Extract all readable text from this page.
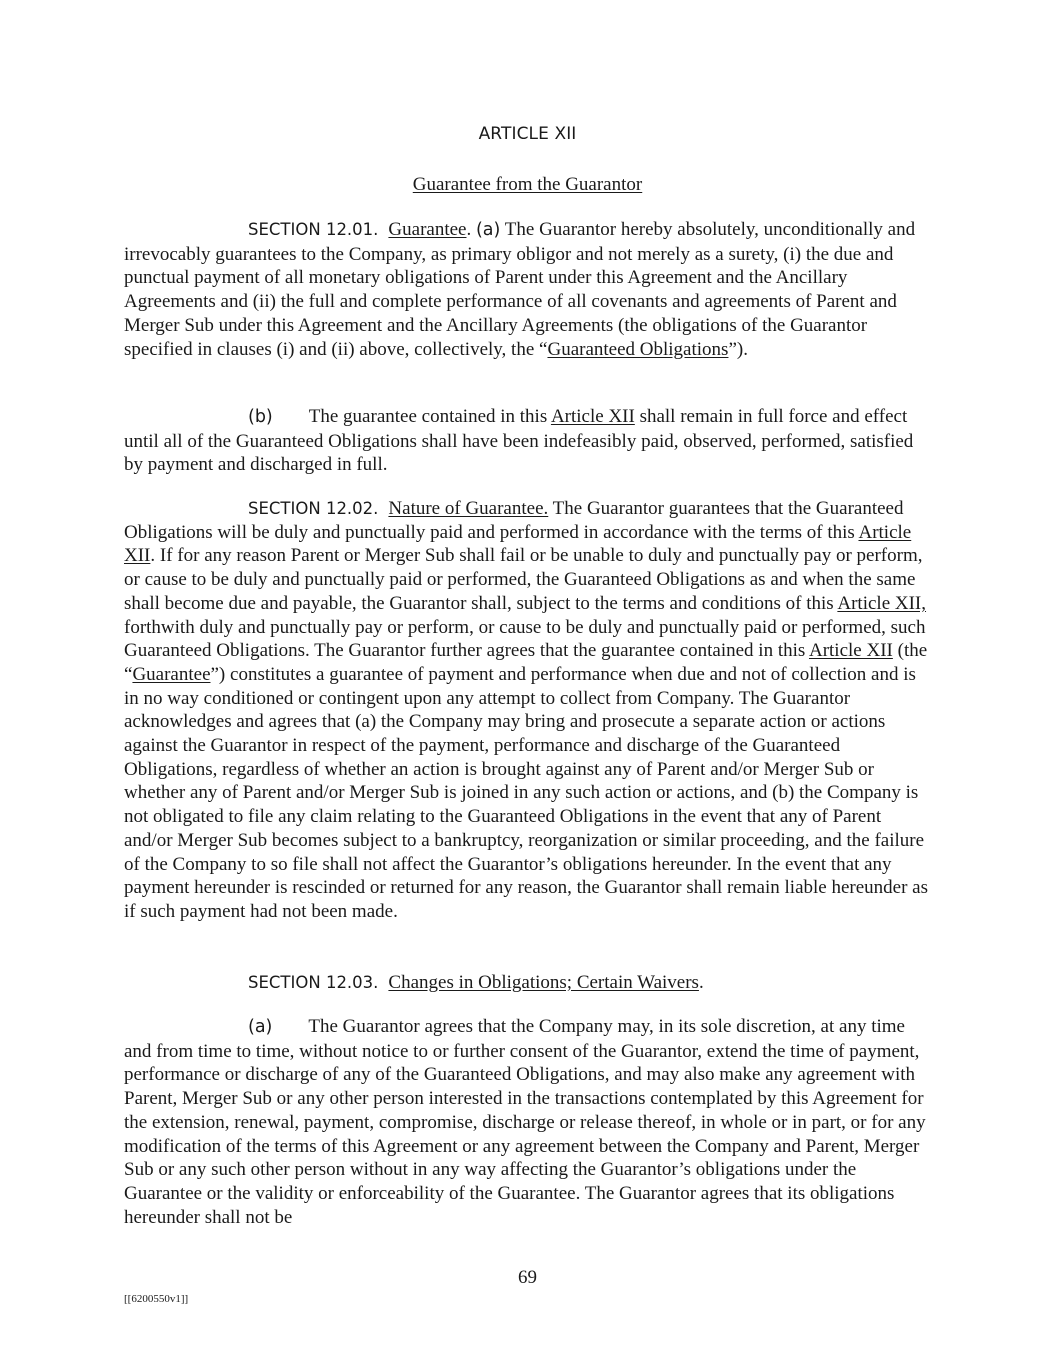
ARTICLE XII
Guarantee from the Guarantor
SECTION 12.01. Guarantee. (a) The Guarantor hereby absolutely, unconditionally and irrevocably guarantees to the Company, as primary obligor and not merely as a surety, (i) the due and punctual payment of all monetary obligations of Parent under this Agreement and the Ancillary Agreements and (ii) the full and complete performance of all covenants and agreements of Parent and Merger Sub under this Agreement and the Ancillary Agreements (the obligations of the Guarantor specified in clauses (i) and (ii) above, collectively, the “Guaranteed Obligations”).
(b) The guarantee contained in this Article XII shall remain in full force and effect until all of the Guaranteed Obligations shall have been indefeasibly paid, observed, performed, satisfied by payment and discharged in full.
SECTION 12.02. Nature of Guarantee. The Guarantor guarantees that the Guaranteed Obligations will be duly and punctually paid and performed in accordance with the terms of this Article XII. If for any reason Parent or Merger Sub shall fail or be unable to duly and punctually pay or perform, or cause to be duly and punctually paid or performed, the Guaranteed Obligations as and when the same shall become due and payable, the Guarantor shall, subject to the terms and conditions of this Article XII, forthwith duly and punctually pay or perform, or cause to be duly and punctually paid or performed, such Guaranteed Obligations. The Guarantor further agrees that the guarantee contained in this Article XII (the “Guarantee”) constitutes a guarantee of payment and performance when due and not of collection and is in no way conditioned or contingent upon any attempt to collect from Company. The Guarantor acknowledges and agrees that (a) the Company may bring and prosecute a separate action or actions against the Guarantor in respect of the payment, performance and discharge of the Guaranteed Obligations, regardless of whether an action is brought against any of Parent and/or Merger Sub or whether any of Parent and/or Merger Sub is joined in any such action or actions, and (b) the Company is not obligated to file any claim relating to the Guaranteed Obligations in the event that any of Parent and/or Merger Sub becomes subject to a bankruptcy, reorganization or similar proceeding, and the failure of the Company to so file shall not affect the Guarantor’s obligations hereunder. In the event that any payment hereunder is rescinded or returned for any reason, the Guarantor shall remain liable hereunder as if such payment had not been made.
SECTION 12.03. Changes in Obligations; Certain Waivers.
(a) The Guarantor agrees that the Company may, in its sole discretion, at any time and from time to time, without notice to or further consent of the Guarantor, extend the time of payment, performance or discharge of any of the Guaranteed Obligations, and may also make any agreement with Parent, Merger Sub or any other person interested in the transactions contemplated by this Agreement for the extension, renewal, payment, compromise, discharge or release thereof, in whole or in part, or for any modification of the terms of this Agreement or any agreement between the Company and Parent, Merger Sub or any such other person without in any way affecting the Guarantor’s obligations under the Guarantee or the validity or enforceability of the Guarantee. The Guarantor agrees that its obligations hereunder shall not be
69
[[6200550v1]]
